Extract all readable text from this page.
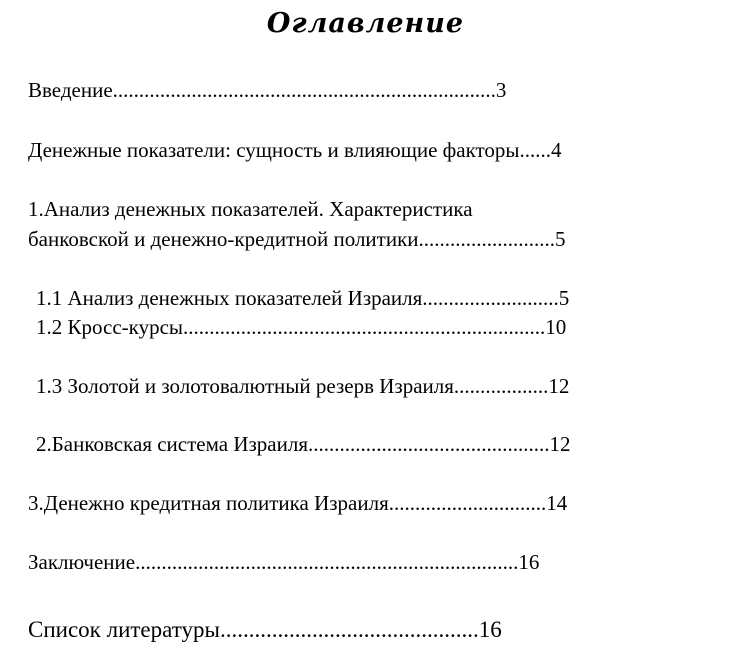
Оглавление
Введение.........................................................................3
Денежные показатели: сущность и влияющие факторы......4
1.Анализ денежных показателей. Характеристика
банковской и денежно-кредитной политики..........................5
1.1 Анализ денежных показателей Израиля..........................5
1.2 Кросс-курсы.....................................................................10
1.3 Золотой и золотовалютный резерв Израиля..................12
2.Банковская система Израиля..............................................12
3.Денежно кредитная политика Израиля..............................14
Заключение.........................................................................16
Список литературы.............................................16
